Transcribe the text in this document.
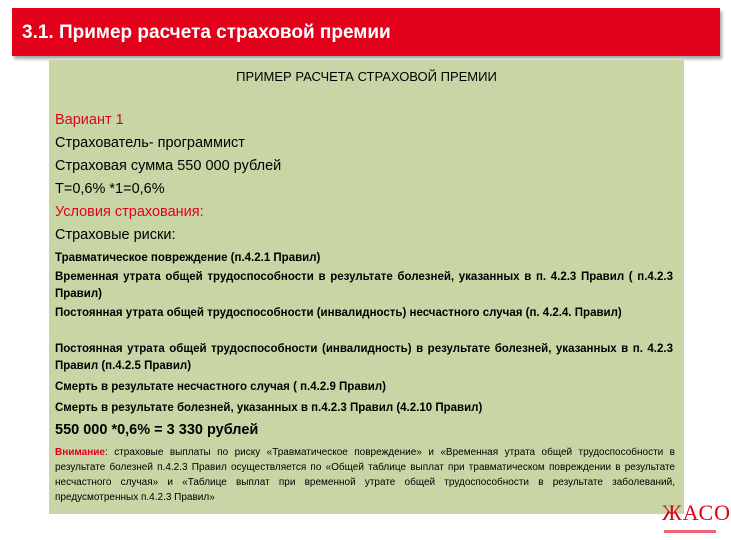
3.1. Пример расчета страховой премии
ПРИМЕР РАСЧЕТА СТРАХОВОЙ ПРЕМИИ
Вариант 1
Страхователь- программист
Страховая сумма 550 000 рублей
Т=0,6% *1=0,6%
Условия страхования:
Страховые риски:
Травматическое повреждение (п.4.2.1 Правил)
Временная утрата общей трудоспособности в результате болезней, указанных в п. 4.2.3 Правил ( п.4.2.3 Правил)
Постоянная утрата общей трудоспособности (инвалидность) несчастного случая (п. 4.2.4. Правил)
Постоянная утрата общей трудоспособности (инвалидность) в результате болезней, указанных в п. 4.2.3 Правил (п.4.2.5 Правил)
Смерть в результате несчастного случая ( п.4.2.9 Правил)
Смерть в результате болезней, указанных в п.4.2.3 Правил (4.2.10 Правил)
550 000 *0,6% = 3 330 рублей
Внимание: страховые выплаты по риску «Травматическое повреждение» и «Временная утрата общей трудоспособности в результате болезней п.4.2.3 Правил осуществляется по «Общей таблице выплат при травматическом повреждении в результате несчастного случая» и «Таблице выплат при временной утрате общей трудоспособности в результате заболеваний, предусмотренных п.4.2.3 Правил»
ЖАСО
